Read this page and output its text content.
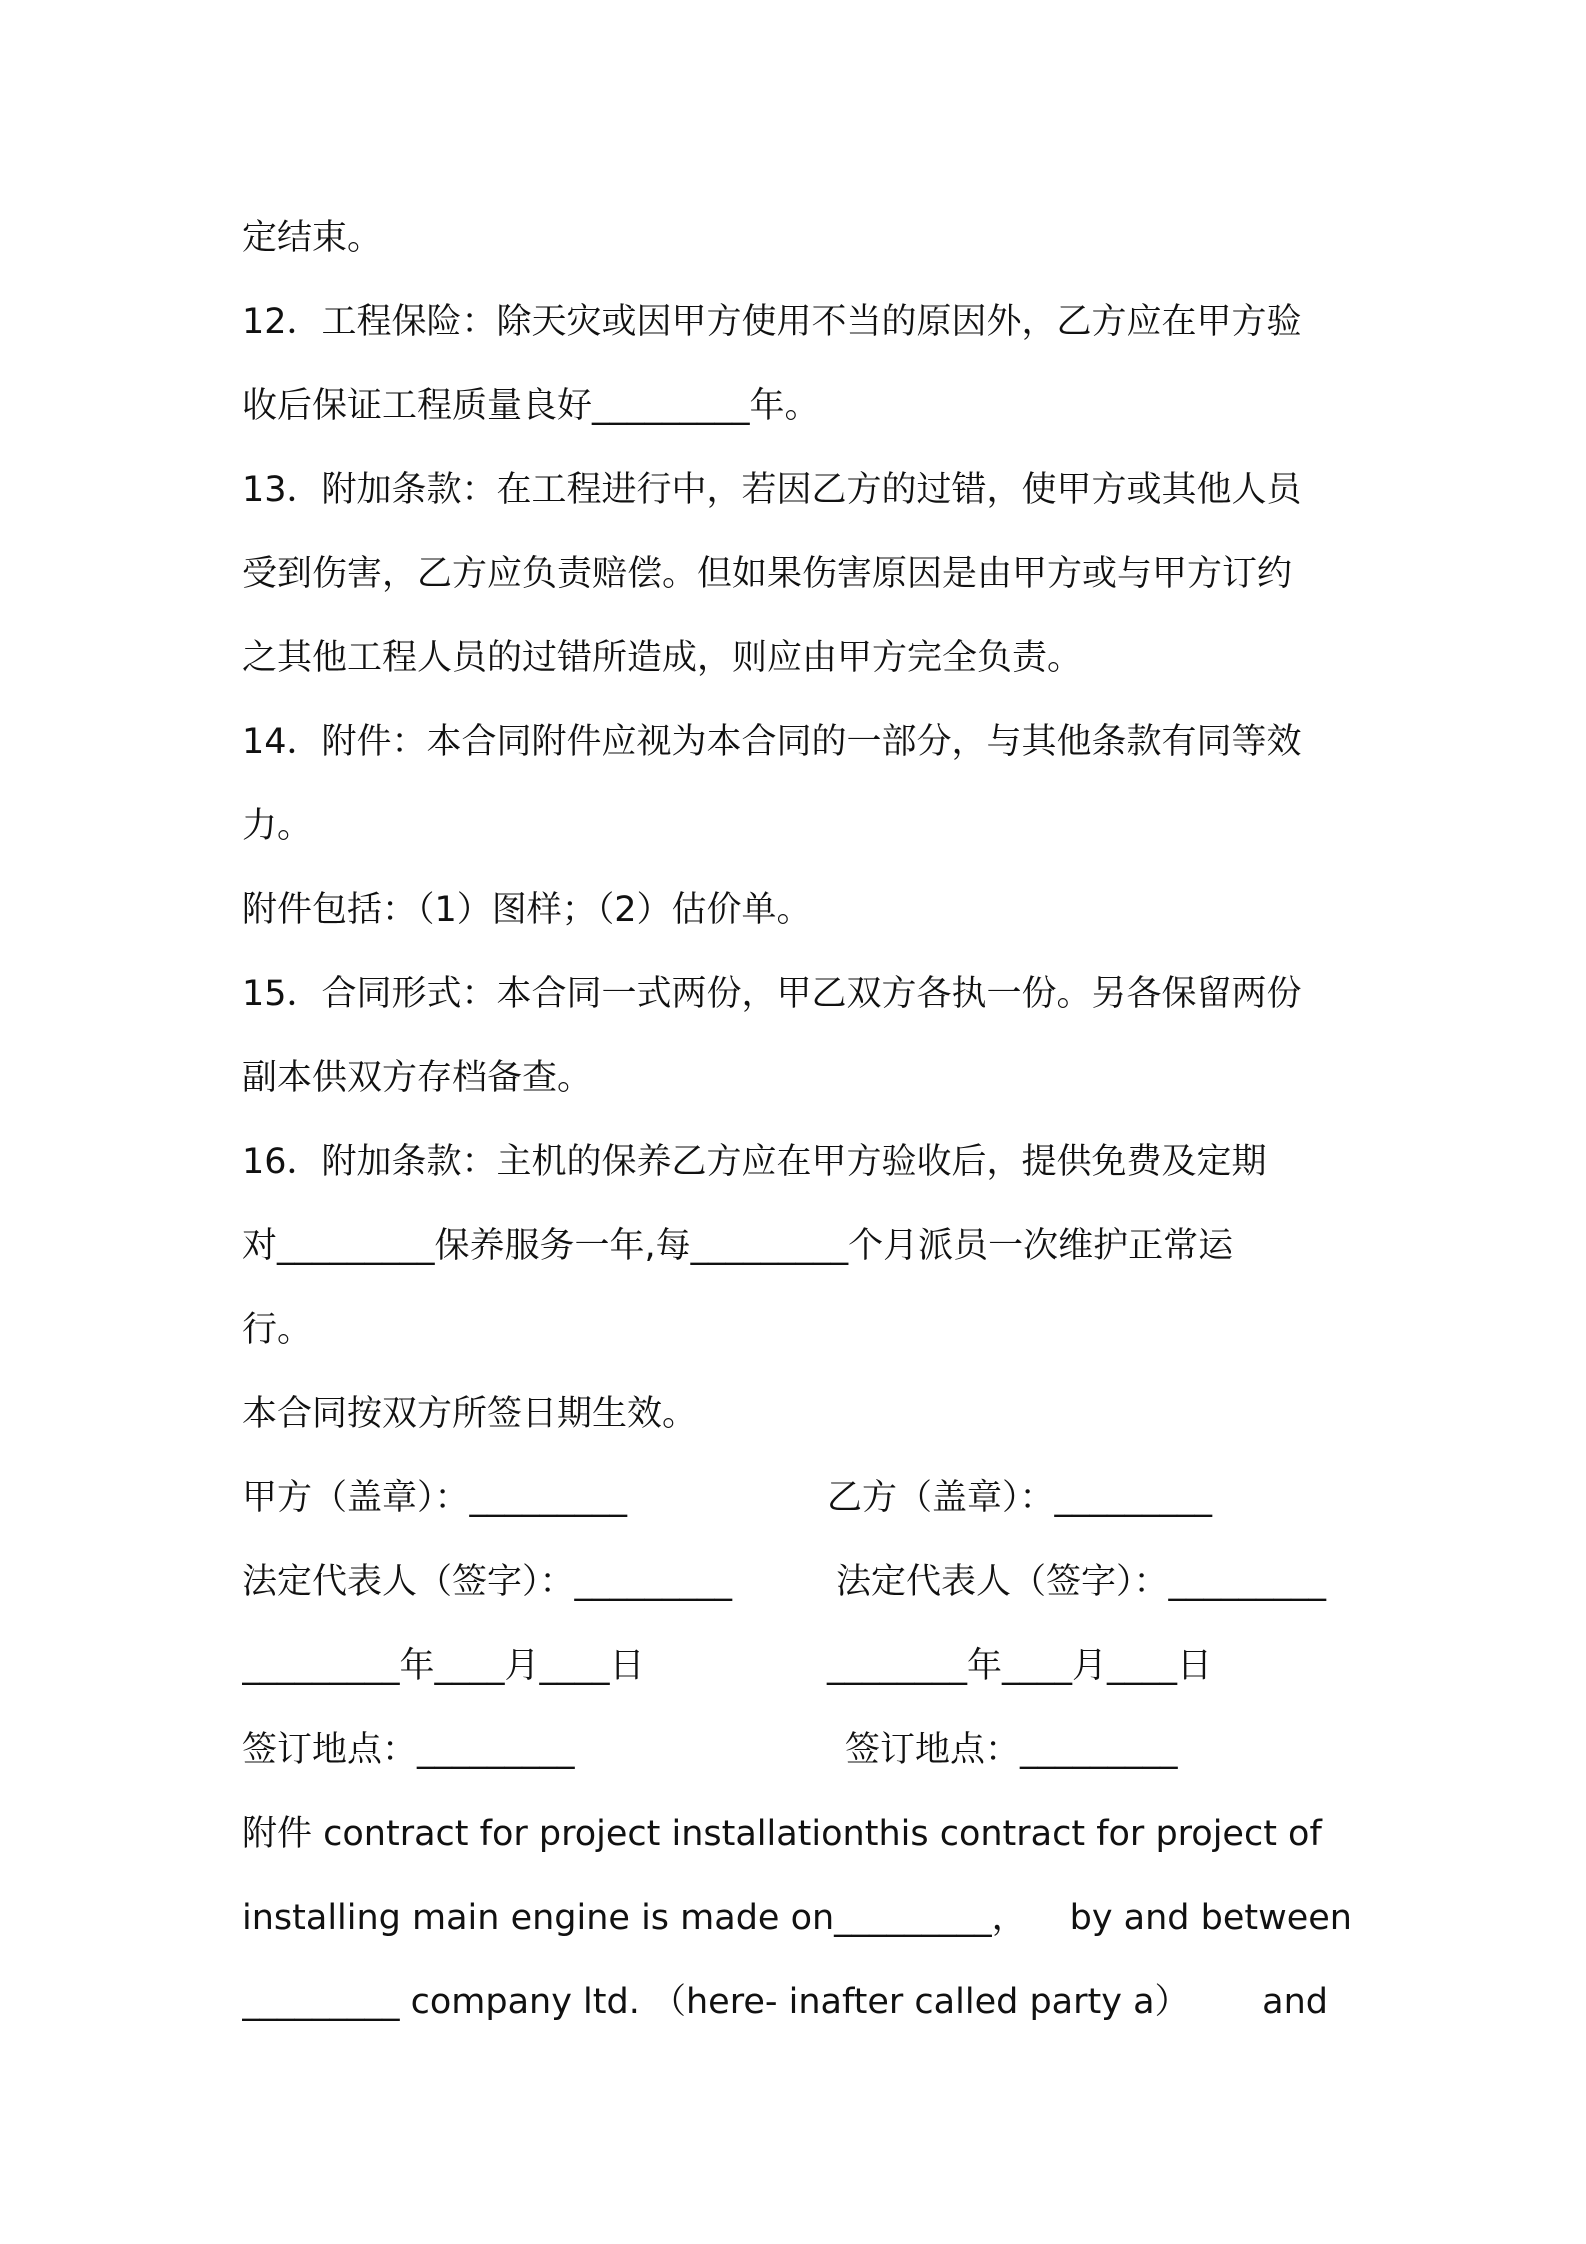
定结束。
12．工程保险：除天灾或因甲方使用不当的原因外，乙方应在甲方验
收后保证工程质量良好_________年。
13．附加条款：在工程进行中，若因乙方的过错，使甲方或其他人员
受到伤害，乙方应负责赔偿。但如果伤害原因是由甲方或与甲方订约
之其他工程人员的过错所造成，则应由甲方完全负责。
14．附件：本合同附件应视为本合同的一部分，与其他条款有同等效
力。
附件包括：（1）图样；（2）估价单。
15．合同形式：本合同一式两份，甲乙双方各执一份。另各保留两份
副本供双方存档备查。
16．附加条款：主机的保养乙方应在甲方验收后，提供免费及定期
对_________保养服务一年,每_________个月派员一次维护正常运
行。
本合同按双方所签日期生效。
甲方（盖章）：_________	乙方（盖章）：_________
法定代表人（签字）：_________	法定代表人（签字）：_________
_________年____月____日	________年____月____日
签订地点：_________	签订地点：_________
附件 contract for project installationthis contract for project of
installing main engine is made on_________， by and between
_________ company ltd. （here- inafter called party a） and
